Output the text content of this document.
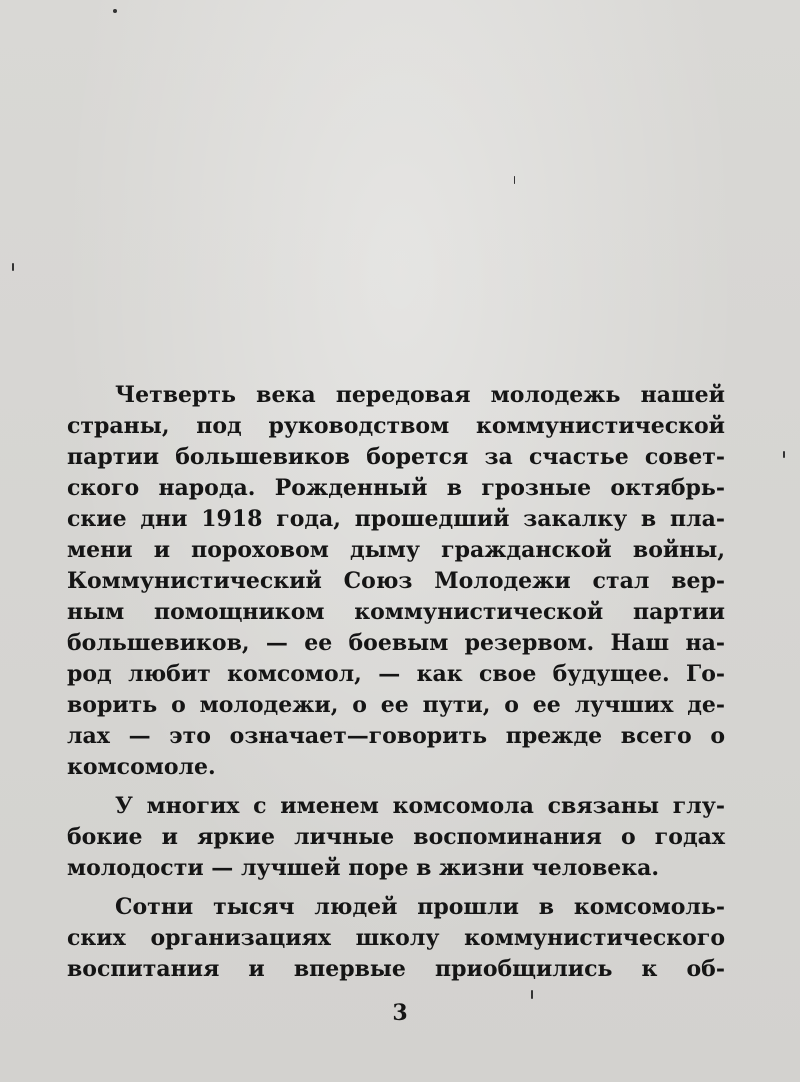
Четверть века передовая молодежь нашей
страны, под руководством коммунистической
партии большевиков борется за счастье совет-
ского народа. Рожденный в грозные октябрь-
ские дни 1918 года, прошедший закалку в пла-
мени и пороховом дыму гражданской войны,
Коммунистический Союз Молодежи стал вер-
ным помощником коммунистической партии
большевиков, — ее боевым резервом. Наш на-
род любит комсомол, — как свое будущее. Го-
ворить о молодежи, о ее пути, о ее лучших де-
лах — это означает—говорить прежде всего о
комсомоле.
У многих с именем комсомола связаны глу-
бокие и яркие личные воспоминания о годах
молодости — лучшей поре в жизни человека.
Сотни тысяч людей прошли в комсомоль-
ских организациях школу коммунистического
воспитания и впервые приобщились к об-
3
